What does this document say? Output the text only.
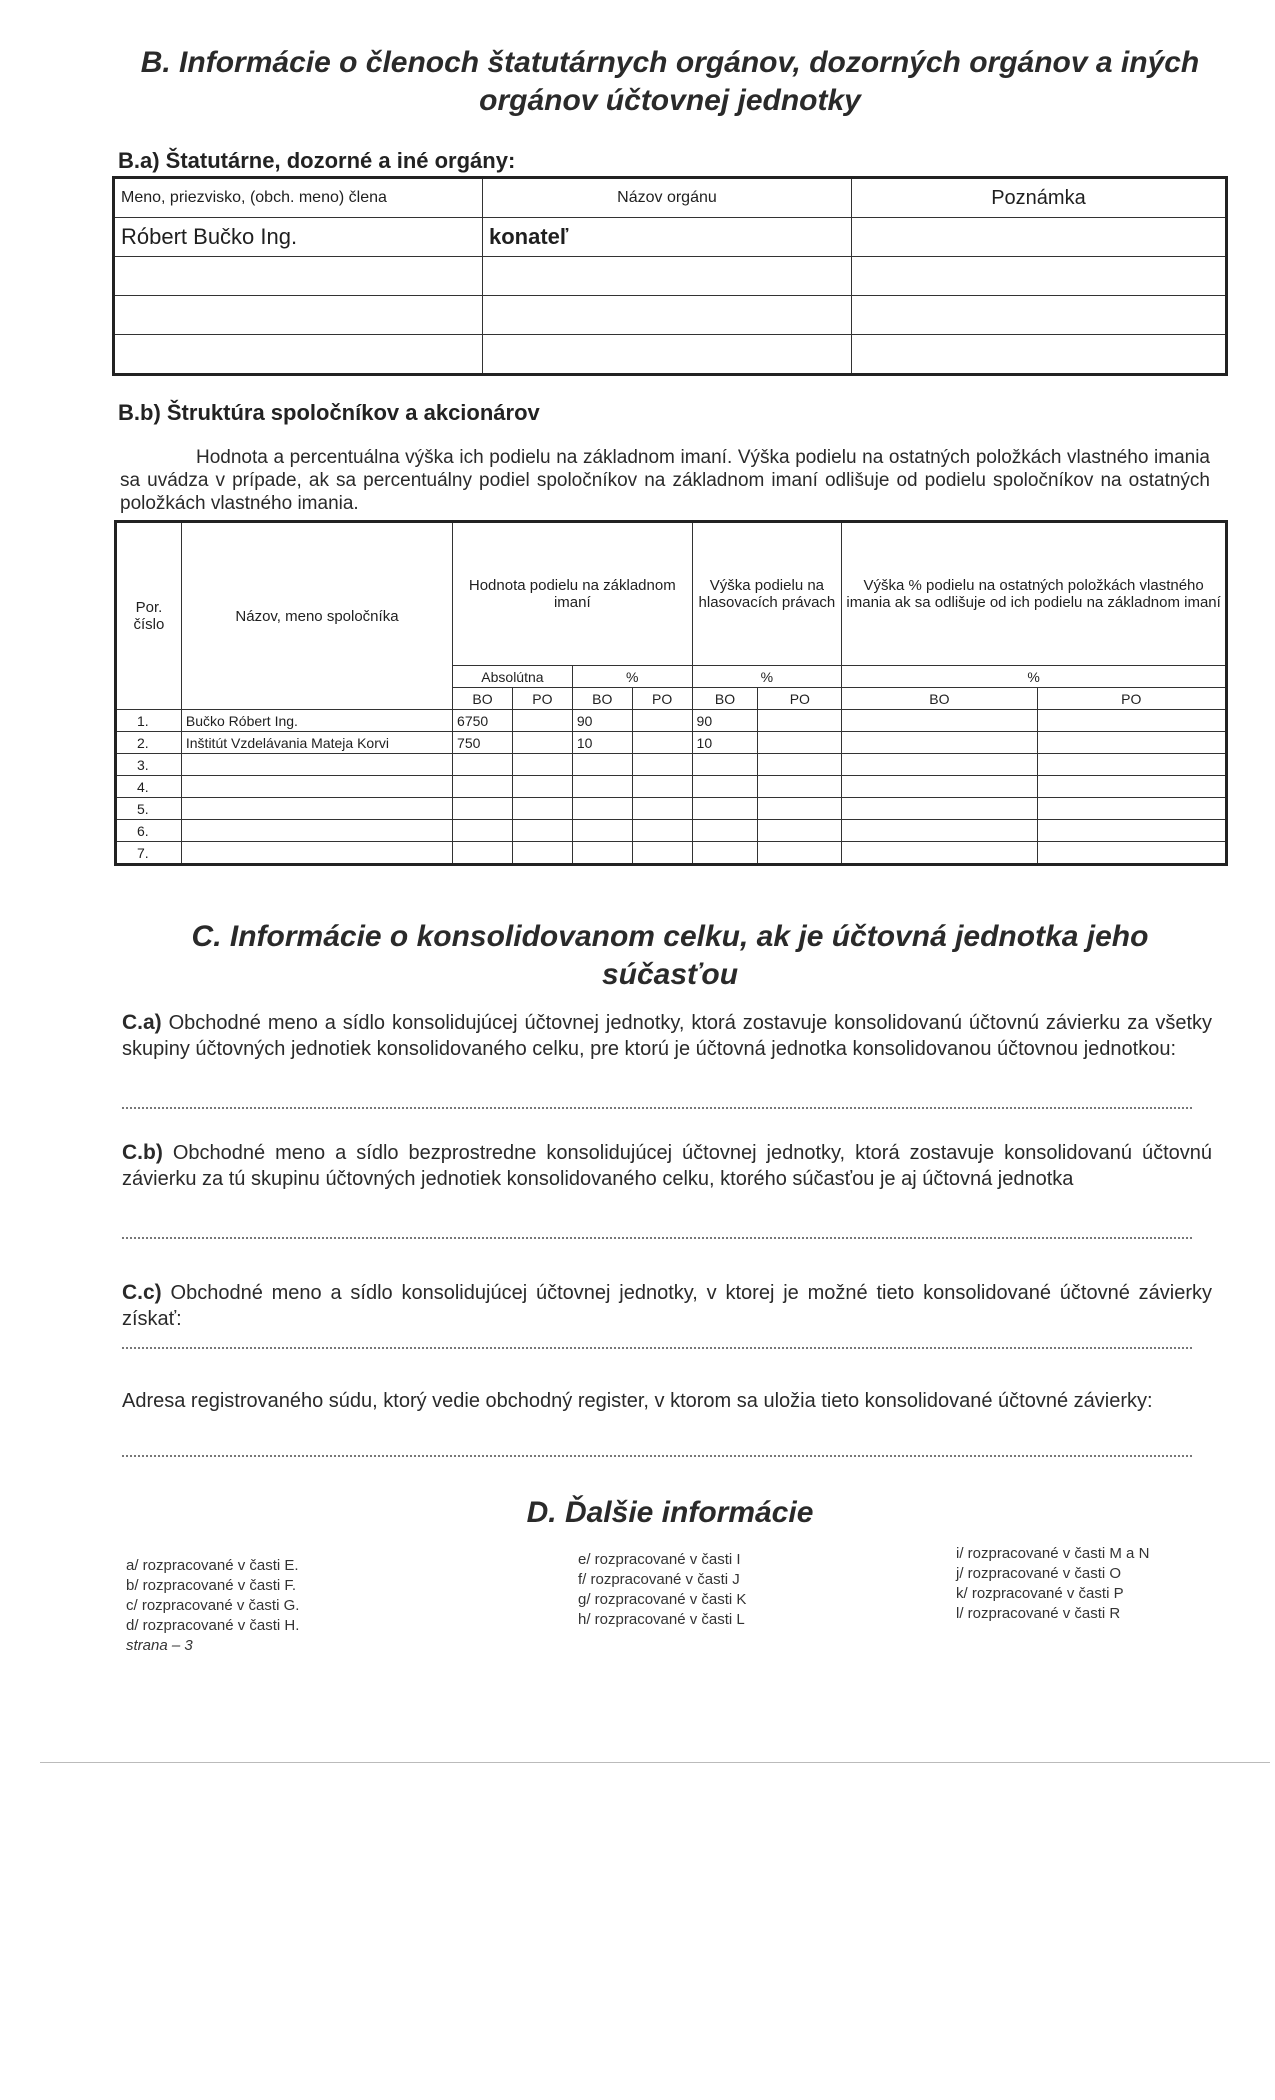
B. Informácie o členoch štatutárnych orgánov, dozorných orgánov a iných
orgánov účtovnej jednotky
B.a) Štatutárne, dozorné a iné orgány:
Meno, priezvisko, (obch. meno) člena	Názov orgánu	Poznámka
Róbert Bučko Ing.	konateľ	

B.b) Štruktúra spoločníkov a akcionárov
Hodnota a percentuálna výška ich podielu na základnom imaní. Výška podielu na ostatných položkách vlastného imania sa uvádza v prípade, ak sa percentuálny podiel spoločníkov na základnom imaní odlišuje od podielu spoločníkov na ostatných položkách vlastného imania.
Por. číslo	Názov, meno spoločníka	Hodnota podielu na základnom imaní				Výška podielu na hlasovacích právach		Výška % podielu na ostatných položkách vlastného imania ak sa odlišuje od ich podielu na základnom imaní	
		Absolútna		%		%		%	
		BO	PO	BO	PO	BO	PO	BO	PO
1.	Bučko Róbert Ing.	6750		90		90			
2.	Inštitút Vzdelávania Mateja Korvi	750		10		10			
3.									
4.									
5.									
6.									
7.									
C. Informácie o konsolidovanom celku, ak je účtovná jednotka jeho
súčasťou
C.a) Obchodné meno a sídlo konsolidujúcej účtovnej jednotky, ktorá zostavuje konsolidovanú účtovnú závierku za všetky skupiny účtovných jednotiek konsolidovaného celku, pre ktorú je účtovná jednotka konsolidovanou účtovnou jednotkou:
C.b) Obchodné meno a sídlo bezprostredne konsolidujúcej účtovnej jednotky, ktorá zostavuje konsolidovanú účtovnú závierku za tú skupinu účtovných jednotiek konsolidovaného celku, ktorého súčasťou je aj účtovná jednotka
C.c) Obchodné meno a sídlo konsolidujúcej účtovnej jednotky, v ktorej je možné tieto konsolidované účtovné závierky získať:
Adresa registrovaného súdu, ktorý vedie obchodný register, v ktorom sa uložia tieto konsolidované účtovné závierky:
D. Ďalšie informácie
a/ rozpracované v časti E.
b/ rozpracované v časti F.
c/ rozpracované v časti G.
d/ rozpracované v časti H.
strana – 3
e/ rozpracované v časti I
f/ rozpracované v časti J
g/ rozpracované v časti K
h/ rozpracované v časti L
i/ rozpracované v časti M a N
j/ rozpracované v časti O
k/ rozpracované v časti P
l/ rozpracované v časti R
